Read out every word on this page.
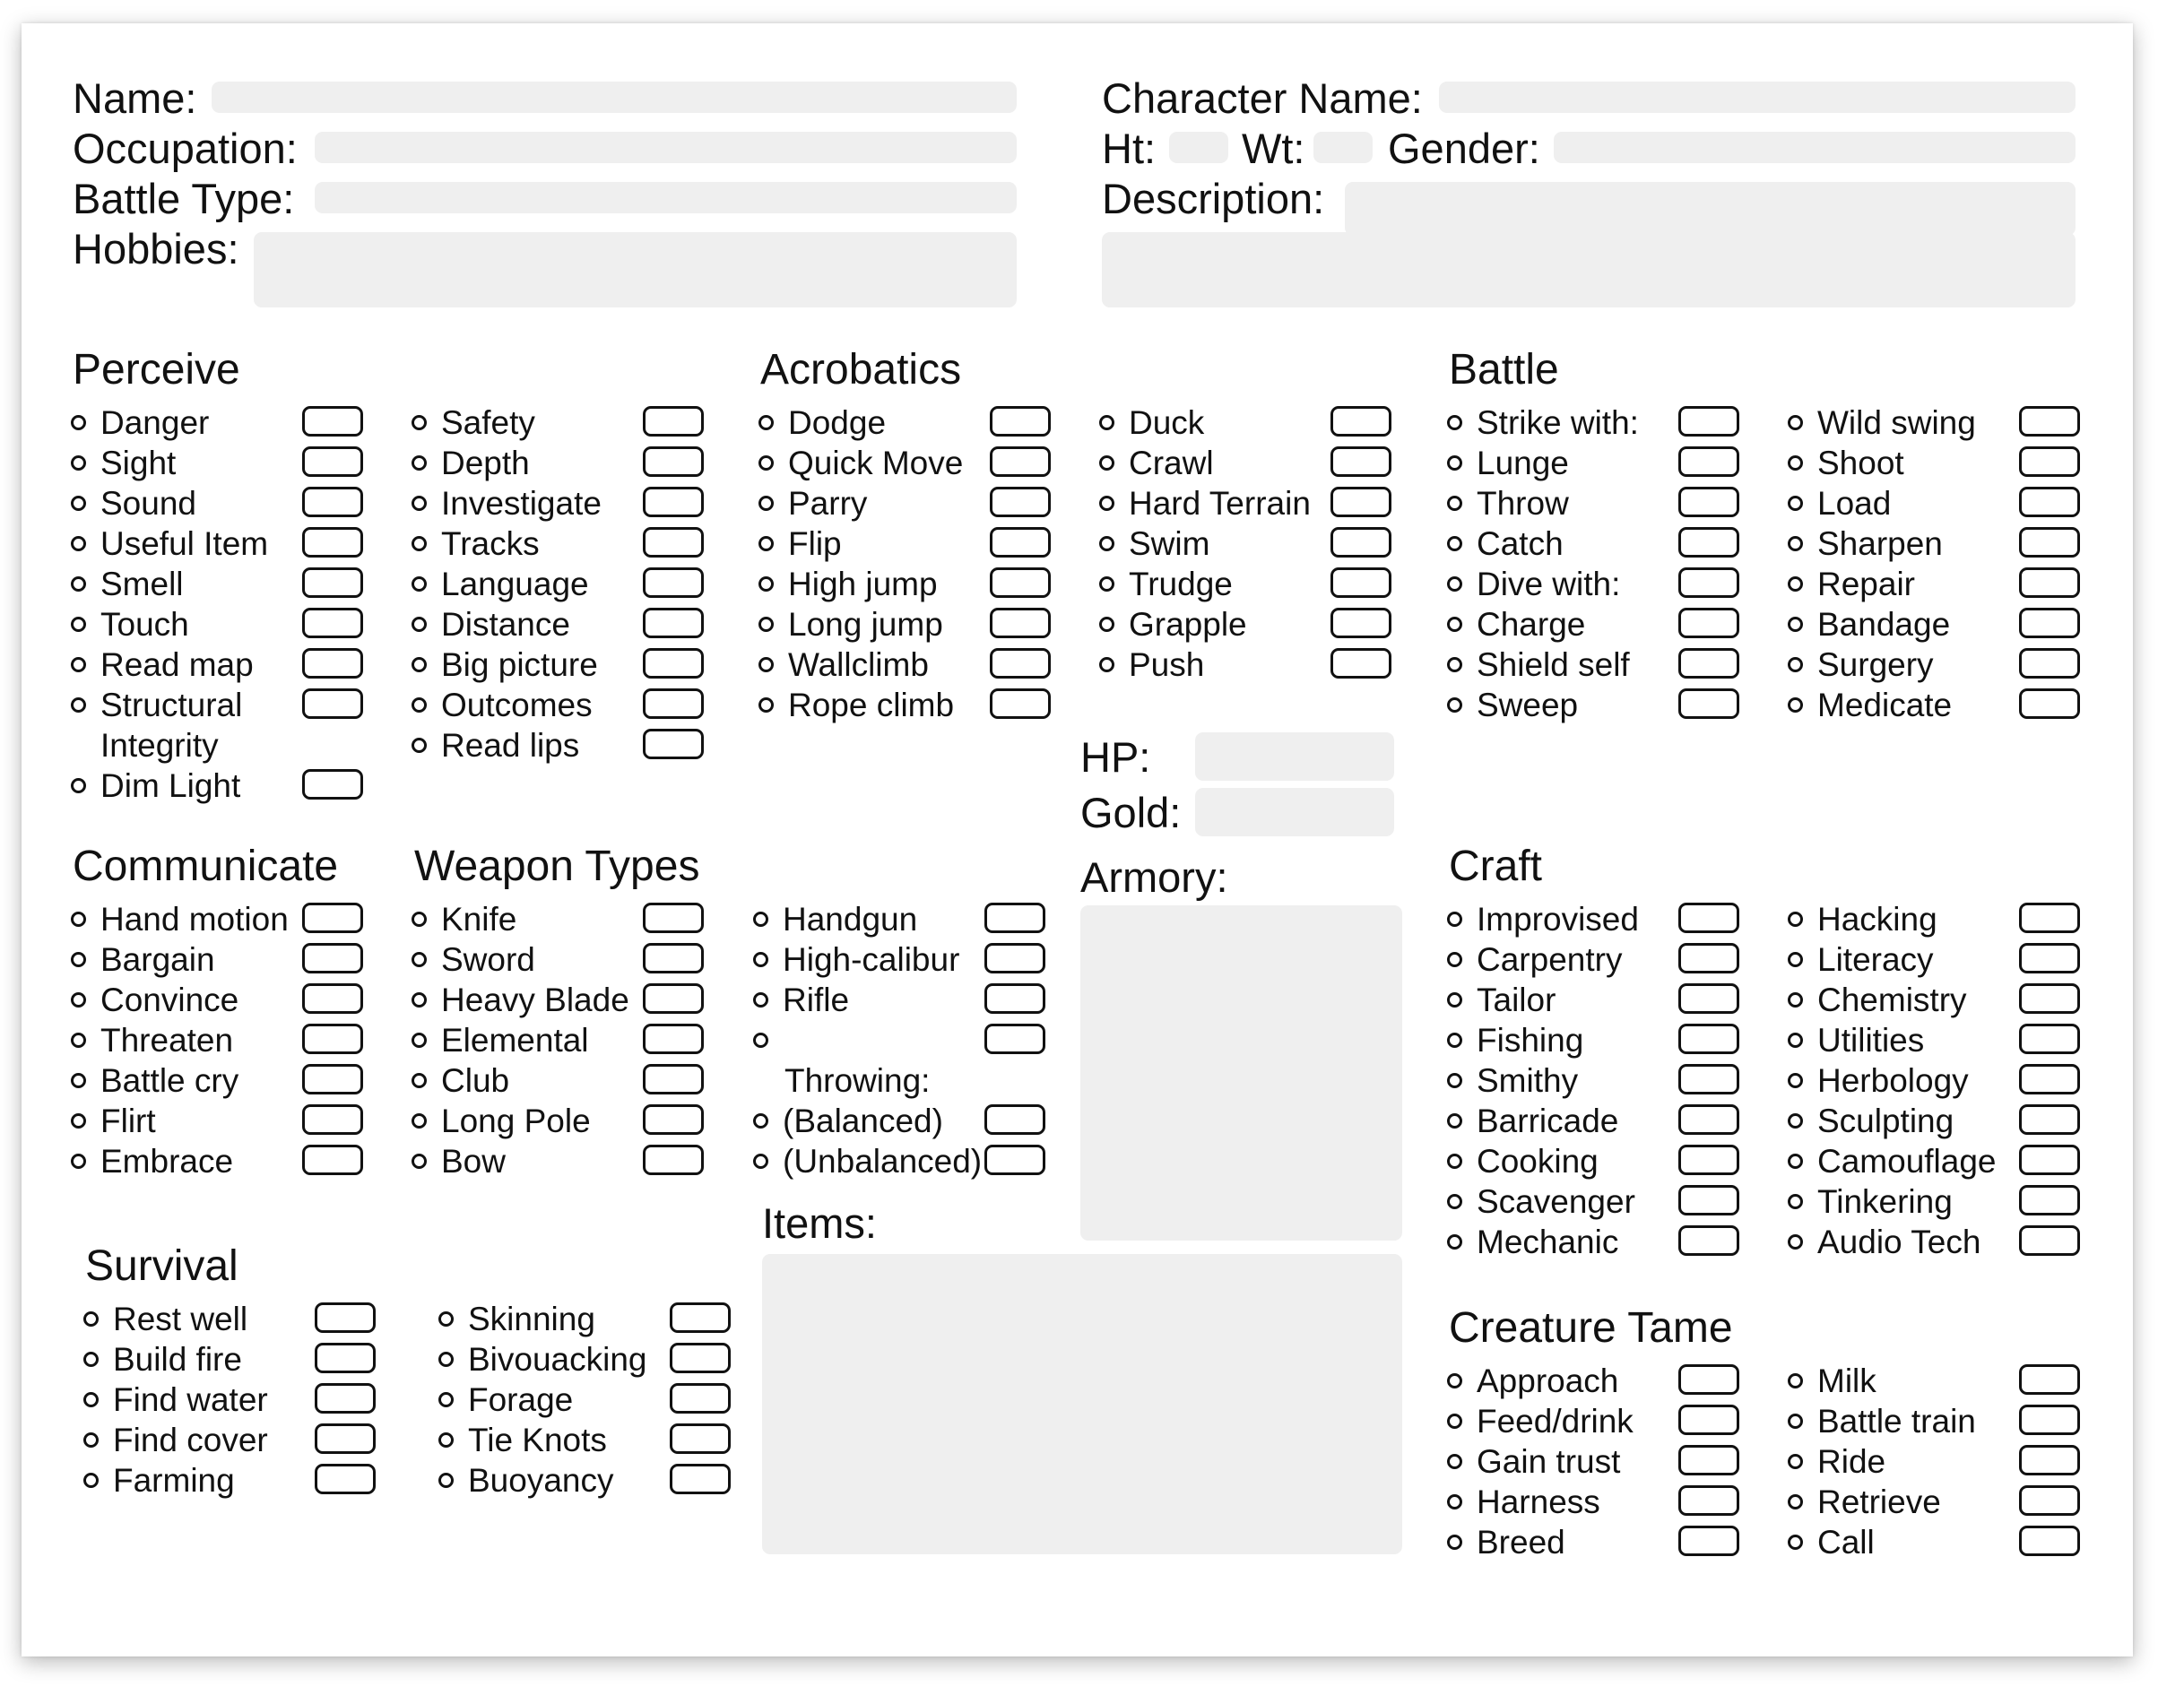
Name:
Occupation:
Battle Type:
Hobbies:
Character Name:
Ht: Wt: Gender:
Description:
Perceive	Acrobatics	Battle
Communicate Weapon Types	Craft
Survival
Creature Tame
HP:
Gold:
Armory:
Items:
Danger
Sight
Sound
Useful Item
Smell
Touch
Read map
Structural
Integrity
Dim Light
Safety
Depth
Investigate
Tracks
Language
Distance
Big picture
Outcomes
Read lips
Dodge
Quick Move
Parry
Flip
High jump
Long jump
Wallclimb
Rope climb
Duck
Crawl
Hard Terrain
Swim
Trudge
Grapple
Push
Strike with:
Lunge
Throw
Catch
Dive with:
Charge
Shield self
Sweep
Wild swing
Shoot
Load
Sharpen
Repair
Bandage
Surgery
Medicate
Hand motion
Bargain
Convince
Threaten
Battle cry
Flirt
Embrace
Knife
Sword
Heavy Blade
Elemental
Club
Long Pole
Bow
Handgun
High-calibur
Rifle
Throwing:
(Balanced)
(Unbalanced)
Improvised
Carpentry
Tailor
Fishing
Smithy
Barricade
Cooking
Scavenger
Mechanic
Hacking
Literacy
Chemistry
Utilities
Herbology
Sculpting
Camouflage
Tinkering
Audio Tech
Rest well
Build fire
Find water
Find cover
Farming
Skinning
Bivouacking
Forage
Tie Knots
Buoyancy
Approach
Feed/drink
Gain trust
Harness
Breed
Milk
Battle train
Ride
Retrieve
Call
